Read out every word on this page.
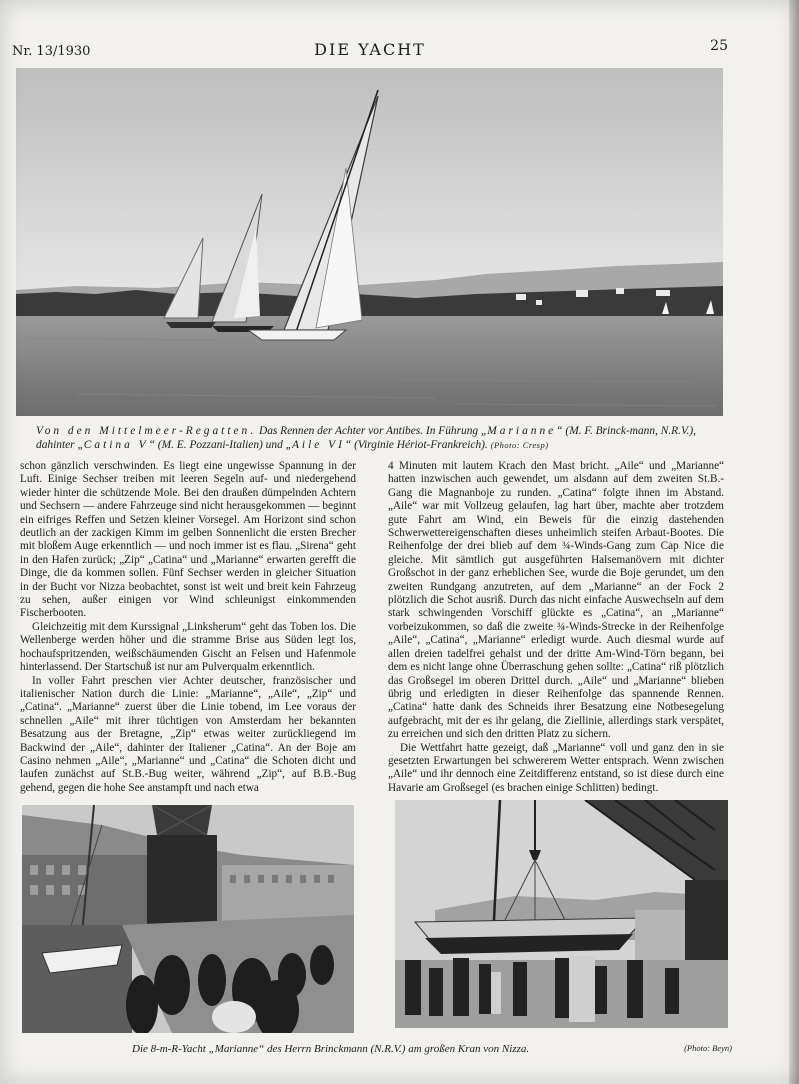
Nr. 13/1930	DIE YACHT	25
Von den Mittelmeer-Regatten. Das Rennen der Achter vor Antibes. In Führung „Marianne“ (M. F. Brinck-mann, N.R.V.), dahinter „Catina V“ (M. E. Pozzani-Italien) und „Aile VI“ (Virginie Hériot-Frankreich). (Photo: Cresp)

schon gänzlich verschwinden. Es liegt eine ungewisse Spannung in der Luft. Einige Sechser treiben mit leeren Segeln auf- und niedergehend wieder hinter die schützende Mole. Bei den draußen dümpelnden Achtern und Sechsern — andere Fahrzeuge sind nicht herausgekommen — beginnt ein eifriges Reffen und Setzen kleiner Vorsegel. Am Horizont sind schon deutlich an der zackigen Kimm im gelben Sonnenlicht die ersten Brecher mit bloßem Auge erkenntlich — und noch immer ist es flau. „Sirena“ geht in den Hafen zurück; „Zip“ „Catina“ und „Marianne“ erwarten gerefft die Dinge, die da kommen sollen. Fünf Sechser werden in gleicher Situation in der Bucht vor Nizza beobachtet, sonst ist weit und breit kein Fahrzeug zu sehen, außer einigen vor Wind schleunigst einkommenden Fischerbooten.

Gleichzeitig mit dem Kurssignal „Linksherum“ geht das Toben los. Die Wellenberge werden höher und die stramme Brise aus Süden legt los, hochaufspritzenden, weißschäumenden Gischt an Felsen und Hafenmole hinterlassend. Der Startschuß ist nur am Pulverqualm erkenntlich.

In voller Fahrt preschen vier Achter deutscher, französischer und italienischer Nation durch die Linie: „Marianne“, „Aile“, „Zip“ und „Catina“. „Marianne“ zuerst über die Linie tobend, im Lee voraus der schnellen „Aile“ mit ihrer tüchtigen von Amsterdam her bekannten Besatzung aus der Bretagne, „Zip“ etwas weiter zurückliegend im Backwind der „Aile“, dahinter der Italiener „Catina“. An der Boje am Casino nehmen „Aile“, „Marianne“ und „Catina“ die Schoten dicht und laufen zunächst auf St.B.-Bug weiter, während „Zip“, auf B.B.-Bug gehend, gegen die hohe See anstampft und nach etwa

4 Minuten mit lautem Krach den Mast bricht. „Aile“ und „Marianne“ hatten inzwischen auch gewendet, um alsdann auf dem zweiten St.B.-Gang die Magnanboje zu runden. „Catina“ folgte ihnen im Abstand. „Aile“ war mit Vollzeug gelaufen, lag hart über, machte aber trotzdem gute Fahrt am Wind, ein Beweis für die einzig dastehenden Schwerwettereigenschaften dieses unheimlich steifen Arbaut-Bootes. Die Reihenfolge der drei blieb auf dem ¾-Winds-Gang zum Cap Nice die gleiche. Mit sämtlich gut ausgeführten Halsemanövern mit dichter Großschot in der ganz erheblichen See, wurde die Boje gerundet, um den zweiten Rundgang anzutreten, auf dem „Marianne“ an der Fock 2 plötzlich die Schot ausriß. Durch das nicht einfache Auswechseln auf dem stark schwingenden Vorschiff glückte es „Catina“, an „Marianne“ vorbeizukommen, so daß die zweite ¾-Winds-Strecke in der Reihenfolge „Aile“, „Catina“, „Marianne“ erledigt wurde. Auch diesmal wurde auf allen dreien tadelfrei gehalst und der dritte Am-Wind-Törn begann, bei dem es nicht lange ohne Überraschung gehen sollte: „Catina“ riß plötzlich das Großsegel im oberen Drittel durch. „Aile“ und „Marianne“ blieben übrig und erledigten in dieser Reihenfolge das spannende Rennen. „Catina“ hatte dank des Schneids ihrer Besatzung eine Notbesegelung aufgebracht, mit der es ihr gelang, die Ziellinie, allerdings stark verspätet, zu erreichen und sich den dritten Platz zu sichern.

Die Wettfahrt hatte gezeigt, daß „Marianne“ voll und ganz den in sie gesetzten Erwartungen bei schwererem Wetter entsprach. Wenn zwischen „Aile“ und ihr dennoch eine Zeitdifferenz entstand, so ist diese durch eine Havarie am Großsegel (es brachen einige Schlitten) bedingt.

Die 8-m-R-Yacht „Marianne“ des Herrn Brinckmann (N.R.V.) am großen Kran von Nizza.	(Photo: Beyn)
